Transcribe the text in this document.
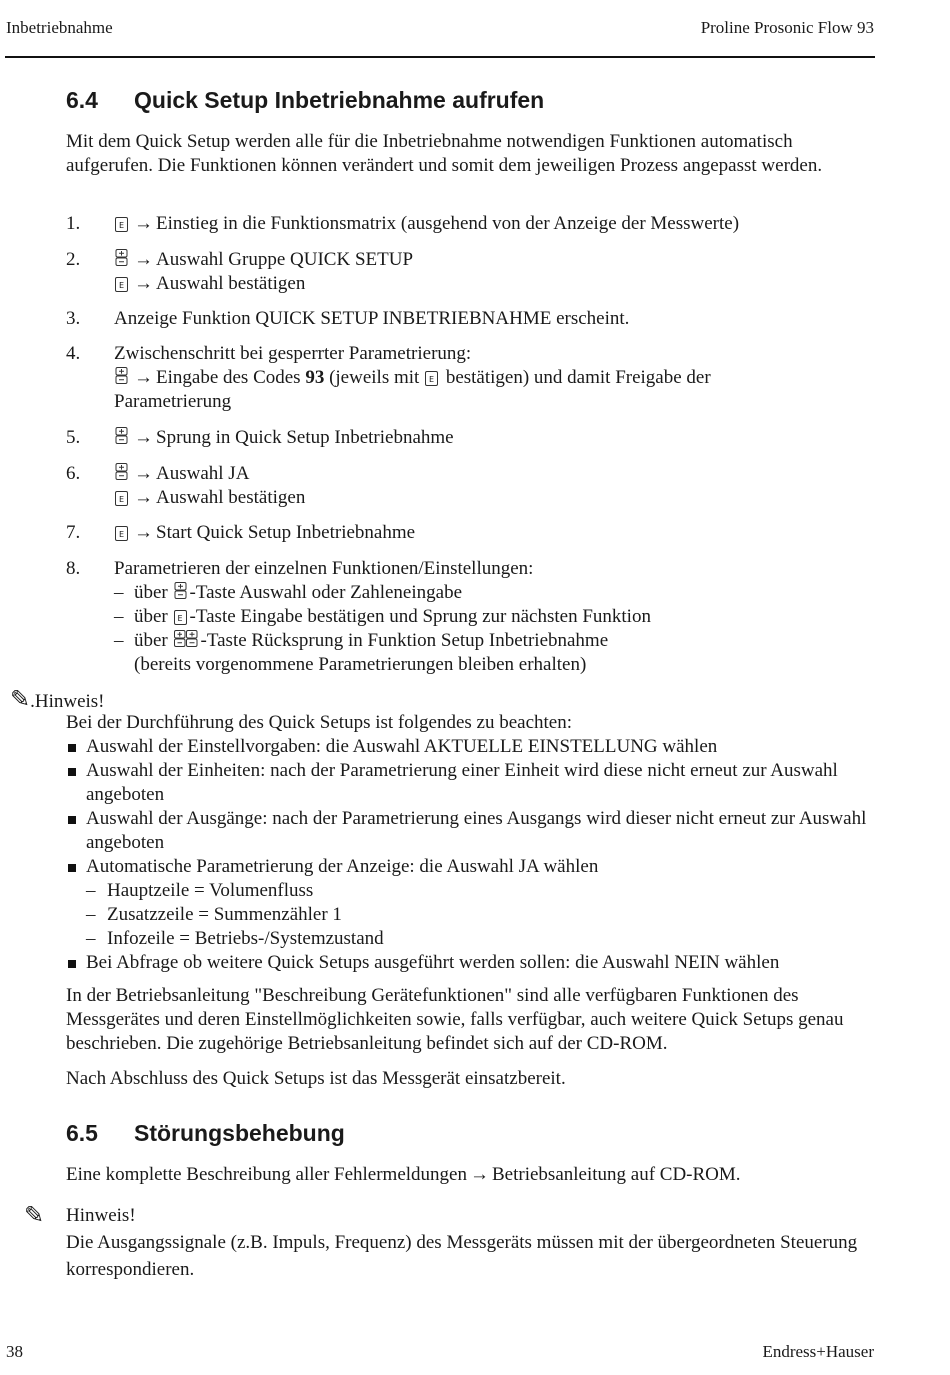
Inbetriebnahme	Proline Prosonic Flow 93
6.4 Quick Setup Inbetriebnahme aufrufen
Mit dem Quick Setup werden alle für die Inbetriebnahme notwendigen Funktionen automatisch aufgerufen. Die Funktionen können verändert und somit dem jeweiligen Prozess angepasst werden.
1.	E → Einstieg in die Funktionsmatrix (ausgehend von der Anzeige der Messwerte)
2.	→ Auswahl Gruppe QUICK SETUP
E → Auswahl bestätigen
3.	Anzeige Funktion QUICK SETUP INBETRIEBNAHME erscheint.
4.	Zwischenschritt bei gesperrter Parametrierung:
→ Eingabe des Codes 93 (jeweils mit E bestätigen) und damit Freigabe der
Parametrierung
5.	→ Sprung in Quick Setup Inbetriebnahme
6.	→ Auswahl JA
E → Auswahl bestätigen
7.	E → Start Quick Setup Inbetriebnahme
8.	Parametrieren der einzelnen Funktionen/Einstellungen:
– über -Taste Auswahl oder Zahleneingabe
– über E -Taste Eingabe bestätigen und Sprung zur nächsten Funktion
– über -Taste Rücksprung in Funktion Setup Inbetriebnahme
(bereits vorgenommene Parametrierungen bleiben erhalten)
✎.Hinweis!
Bei der Durchführung des Quick Setups ist folgendes zu beachten:
Auswahl der Einstellvorgaben: die Auswahl AKTUELLE EINSTELLUNG wählen
Auswahl der Einheiten: nach der Parametrierung einer Einheit wird diese nicht erneut zur Auswahl angeboten
Auswahl der Ausgänge: nach der Parametrierung eines Ausgangs wird dieser nicht erneut zur Auswahl angeboten
Automatische Parametrierung der Anzeige: die Auswahl JA wählen
– Hauptzeile = Volumenfluss
– Zusatzzeile = Summenzähler 1
– Infozeile = Betriebs-/Systemzustand
Bei Abfrage ob weitere Quick Setups ausgeführt werden sollen: die Auswahl NEIN wählen
In der Betriebsanleitung "Beschreibung Gerätefunktionen" sind alle verfügbaren Funktionen des Messgerätes und deren Einstellmöglichkeiten sowie, falls verfügbar, auch weitere Quick Setups genau beschrieben. Die zugehörige Betriebsanleitung befindet sich auf der CD-ROM.
Nach Abschluss des Quick Setups ist das Messgerät einsatzbereit.
6.5 Störungsbehebung
Eine komplette Beschreibung aller Fehlermeldungen → Betriebsanleitung auf CD-ROM.
✎ Hinweis!
Die Ausgangssignale (z.B. Impuls, Frequenz) des Messgeräts müssen mit der übergeordneten Steuerung korrespondieren.
38	Endress+Hauser
